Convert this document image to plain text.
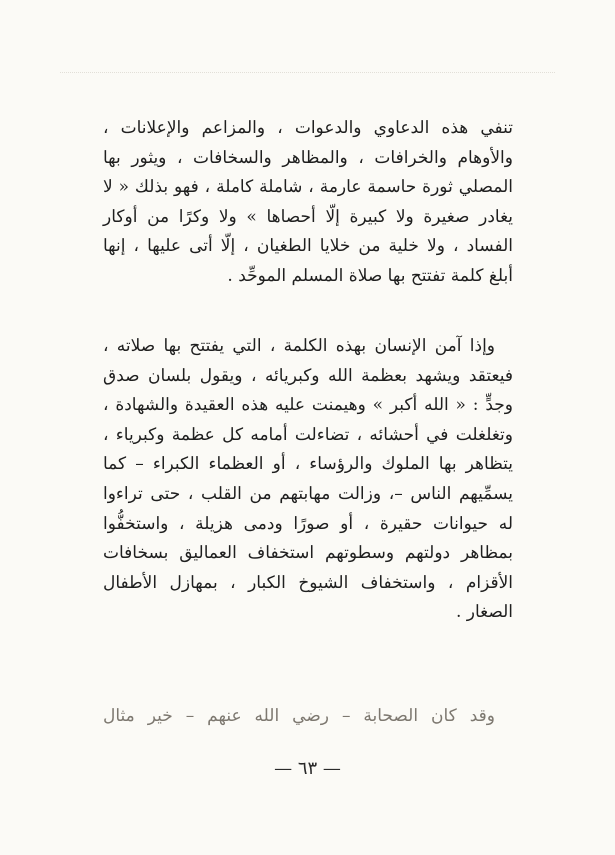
تنفي هذه الدعاوي والدعوات ، والمزاعم والإعلانات ،
والأوهام والخرافات ، والمظاهر والسخافات ، ويثور بها
المصلي ثورة حاسمة عارمة ، شاملة كاملة ، فهو بذلك « لا
يغادر صغيرة ولا كبيرة إلّا أحصاها » ولا وكرًا من أوكار
الفساد ، ولا خلية من خلايا الطغيان ، إلّا أتى عليها ، إنها
أبلغ كلمة تفتتح بها صلاة المسلم الموحِّد .
وإذا آمن الإنسان بهذه الكلمة ، التي يفتتح بها صلاته ،
فيعتقد ويشهد بعظمة الله وكبريائه ، ويقول بلسان صدق
وجدٍّ : « الله أكبر » وهيمنت عليه هذه العقيدة والشهادة ،
وتغلغلت في أحشائه ، تضاءلت أمامه كل عظمة وكبرياء ،
يتظاهر بها الملوك والرؤساء ، أو العظماء الكبراء – كما
يسمِّيهم الناس –، وزالت مهابتهم من القلب ، حتى تراءوا
له حيوانات حقيرة ، أو صورًا ودمى هزيلة ، واستخفُّوا
بمظاهر دولتهم وسطوتهم استخفاف العماليق بسخافات
الأقزام ، واستخفاف الشيوخ الكبار ، بمهازل الأطفال
الصغار .
وقد كان الصحابة – رضي الله عنهم – خير مثال
— ٦٣ —
